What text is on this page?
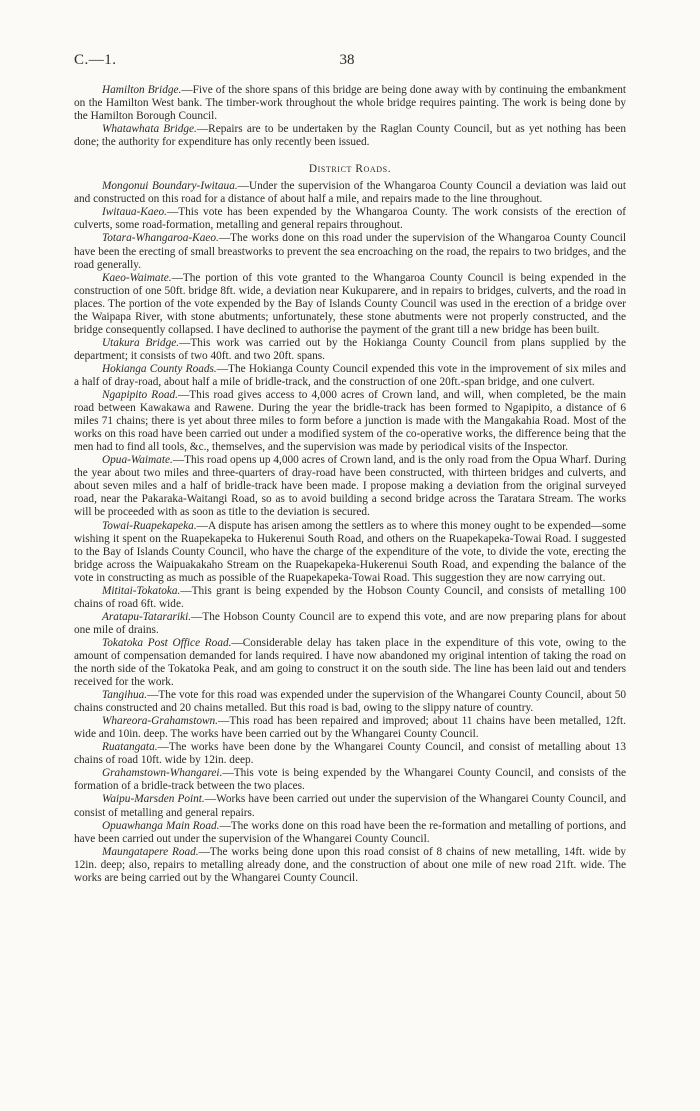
C.—1.	38

Hamilton Bridge.—Five of the shore spans of this bridge are being done away with by continuing the embankment on the Hamilton West bank. The timber-work throughout the whole bridge requires painting. The work is being done by the Hamilton Borough Council.

Whatawhata Bridge.—Repairs are to be undertaken by the Raglan County Council, but as yet nothing has been done; the authority for expenditure has only recently been issued.

District Roads.

Mongonui Boundary-Iwitaua.—Under the supervision of the Whangaroa County Council a deviation was laid out and constructed on this road for a distance of about half a mile, and repairs made to the line throughout.

Iwitaua-Kaeo.—This vote has been expended by the Whangaroa County. The work consists of the erection of culverts, some road-formation, metalling and general repairs throughout.

Totara-Whangaroa-Kaeo.—The works done on this road under the supervision of the Whangaroa County Council have been the erecting of small breastworks to prevent the sea encroaching on the road, the repairs to two bridges, and the road generally.

Kaeo-Waimate.—The portion of this vote granted to the Whangaroa County Council is being expended in the construction of one 50ft. bridge 8ft. wide, a deviation near Kukuparere, and in repairs to bridges, culverts, and the road in places. The portion of the vote expended by the Bay of Islands County Council was used in the erection of a bridge over the Waipapa River, with stone abutments; unfortunately, these stone abutments were not properly constructed, and the bridge consequently collapsed. I have declined to authorise the payment of the grant till a new bridge has been built.

Utakura Bridge.—This work was carried out by the Hokianga County Council from plans supplied by the department; it consists of two 40ft. and two 20ft. spans.

Hokianga County Roads.—The Hokianga County Council expended this vote in the improvement of six miles and a half of dray-road, about half a mile of bridle-track, and the construction of one 20ft.-span bridge, and one culvert.

Ngapipito Road.—This road gives access to 4,000 acres of Crown land, and will, when completed, be the main road between Kawakawa and Rawene. During the year the bridle-track has been formed to Ngapipito, a distance of 6 miles 71 chains; there is yet about three miles to form before a junction is made with the Mangakahia Road. Most of the works on this road have been carried out under a modified system of the co-operative works, the difference being that the men had to find all tools, &c., themselves, and the supervision was made by periodical visits of the Inspector.

Opua-Waimate.—This road opens up 4,000 acres of Crown land, and is the only road from the Opua Wharf. During the year about two miles and three-quarters of dray-road have been constructed, with thirteen bridges and culverts, and about seven miles and a half of bridle-track have been made. I propose making a deviation from the original surveyed road, near the Pakaraka-Waitangi Road, so as to avoid building a second bridge across the Taratara Stream. The works will be proceeded with as soon as title to the deviation is secured.

Towai-Ruapekapeka.—A dispute has arisen among the settlers as to where this money ought to be expended—some wishing it spent on the Ruapekapeka to Hukerenui South Road, and others on the Ruapekapeka-Towai Road. I suggested to the Bay of Islands County Council, who have the charge of the expenditure of the vote, to divide the vote, erecting the bridge across the Waipuakakaho Stream on the Ruapekapeka-Hukerenui South Road, and expending the balance of the vote in constructing as much as possible of the Ruapekapeka-Towai Road. This suggestion they are now carrying out.

Mititai-Tokatoka.—This grant is being expended by the Hobson County Council, and consists of metalling 100 chains of road 6ft. wide.

Aratapu-Tatarariki.—The Hobson County Council are to expend this vote, and are now preparing plans for about one mile of drains.

Tokatoka Post Office Road.—Considerable delay has taken place in the expenditure of this vote, owing to the amount of compensation demanded for lands required. I have now abandoned my original intention of taking the road on the north side of the Tokatoka Peak, and am going to construct it on the south side. The line has been laid out and tenders received for the work.

Tangihua.—The vote for this road was expended under the supervision of the Whangarei County Council, about 50 chains constructed and 20 chains metalled. But this road is bad, owing to the slippy nature of country.

Whareora-Grahamstown.—This road has been repaired and improved; about 11 chains have been metalled, 12ft. wide and 10in. deep. The works have been carried out by the Whangarei County Council.

Ruatangata.—The works have been done by the Whangarei County Council, and consist of metalling about 13 chains of road 10ft. wide by 12in. deep.

Grahamstown-Whangarei.—This vote is being expended by the Whangarei County Council, and consists of the formation of a bridle-track between the two places.

Waipu-Marsden Point.—Works have been carried out under the supervision of the Whangarei County Council, and consist of metalling and general repairs.

Opuawhanga Main Road.—The works done on this road have been the re-formation and metalling of portions, and have been carried out under the supervision of the Whangarei County Council.

Maungatapere Road.—The works being done upon this road consist of 8 chains of new metalling, 14ft. wide by 12in. deep; also, repairs to metalling already done, and the construction of about one mile of new road 21ft. wide. The works are being carried out by the Whangarei County Council.
